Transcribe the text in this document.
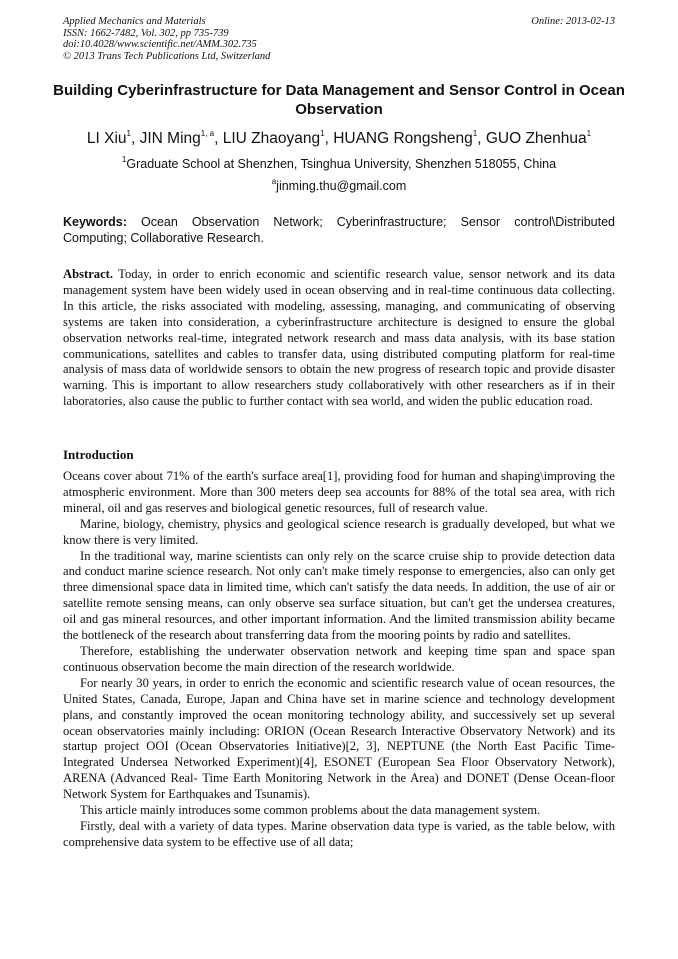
Applied Mechanics and Materials
ISSN: 1662-7482, Vol. 302, pp 735-739
doi:10.4028/www.scientific.net/AMM.302.735
© 2013 Trans Tech Publications Ltd, Switzerland
Online: 2013-02-13
Building Cyberinfrastructure for Data Management and Sensor Control in Ocean Observation
LI Xiu$^1$, JIN Ming$^{1, a}$, LIU Zhaoyang$^1$, HUANG Rongsheng$^1$, GUO Zhenhua$^1$
$^1$Graduate School at Shenzhen, Tsinghua University, Shenzhen 518055, China
$^a$jinming.thu@gmail.com
Keywords: Ocean Observation Network; Cyberinfrastructure; Sensor control\Distributed Computing; Collaborative Research.
Abstract. Today, in order to enrich economic and scientific research value, sensor network and its data management system have been widely used in ocean observing and in real-time continuous data collecting. In this article, the risks associated with modeling, assessing, managing, and communicating of observing systems are taken into consideration, a cyberinfrastructure architecture is designed to ensure the global observation networks real-time, integrated network research and mass data analysis, with its base station communications, satellites and cables to transfer data, using distributed computing platform for real-time analysis of mass data of worldwide sensors to obtain the new progress of research topic and provide disaster warning. This is important to allow researchers study collaboratively with other researchers as if in their laboratories, also cause the public to further contact with sea world, and widen the public education road.
Introduction

Oceans cover about 71% of the earth's surface area[1], providing food for human and shaping\improving the atmospheric environment. More than 300 meters deep sea accounts for 88% of the total sea area, with rich mineral, oil and gas reserves and biological genetic resources, full of research value.

Marine, biology, chemistry, physics and geological science research is gradually developed, but what we know there is very limited.

In the traditional way, marine scientists can only rely on the scarce cruise ship to provide detection data and conduct marine science research. Not only can't make timely response to emergencies, also can only get three dimensional space data in limited time, which can't satisfy the data needs. In addition, the use of air or satellite remote sensing means, can only observe sea surface situation, but can't get the undersea creatures, oil and gas mineral resources, and other important information. And the limited transmission ability became the bottleneck of the research about transferring data from the mooring points by radio and satellites.

Therefore, establishing the underwater observation network and keeping time span and space span continuous observation become the main direction of the research worldwide.

For nearly 30 years, in order to enrich the economic and scientific research value of ocean resources, the United States, Canada, Europe, Japan and China have set in marine science and technology development plans, and constantly improved the ocean monitoring technology ability, and successively set up several ocean observatories mainly including: ORION (Ocean Research Interactive Observatory Network) and its startup project OOI (Ocean Observatories Initiative)[2, 3], NEPTUNE (the North East Pacific Time- Integrated Undersea Networked Experiment)[4], ESONET (European Sea Floor Observatory Network), ARENA (Advanced Real- Time Earth Monitoring Network in the Area) and DONET (Dense Ocean-floor Network System for Earthquakes and Tsunamis).

This article mainly introduces some common problems about the data management system.

Firstly, deal with a variety of data types. Marine observation data type is varied, as the table below, with comprehensive data system to be effective use of all data;
